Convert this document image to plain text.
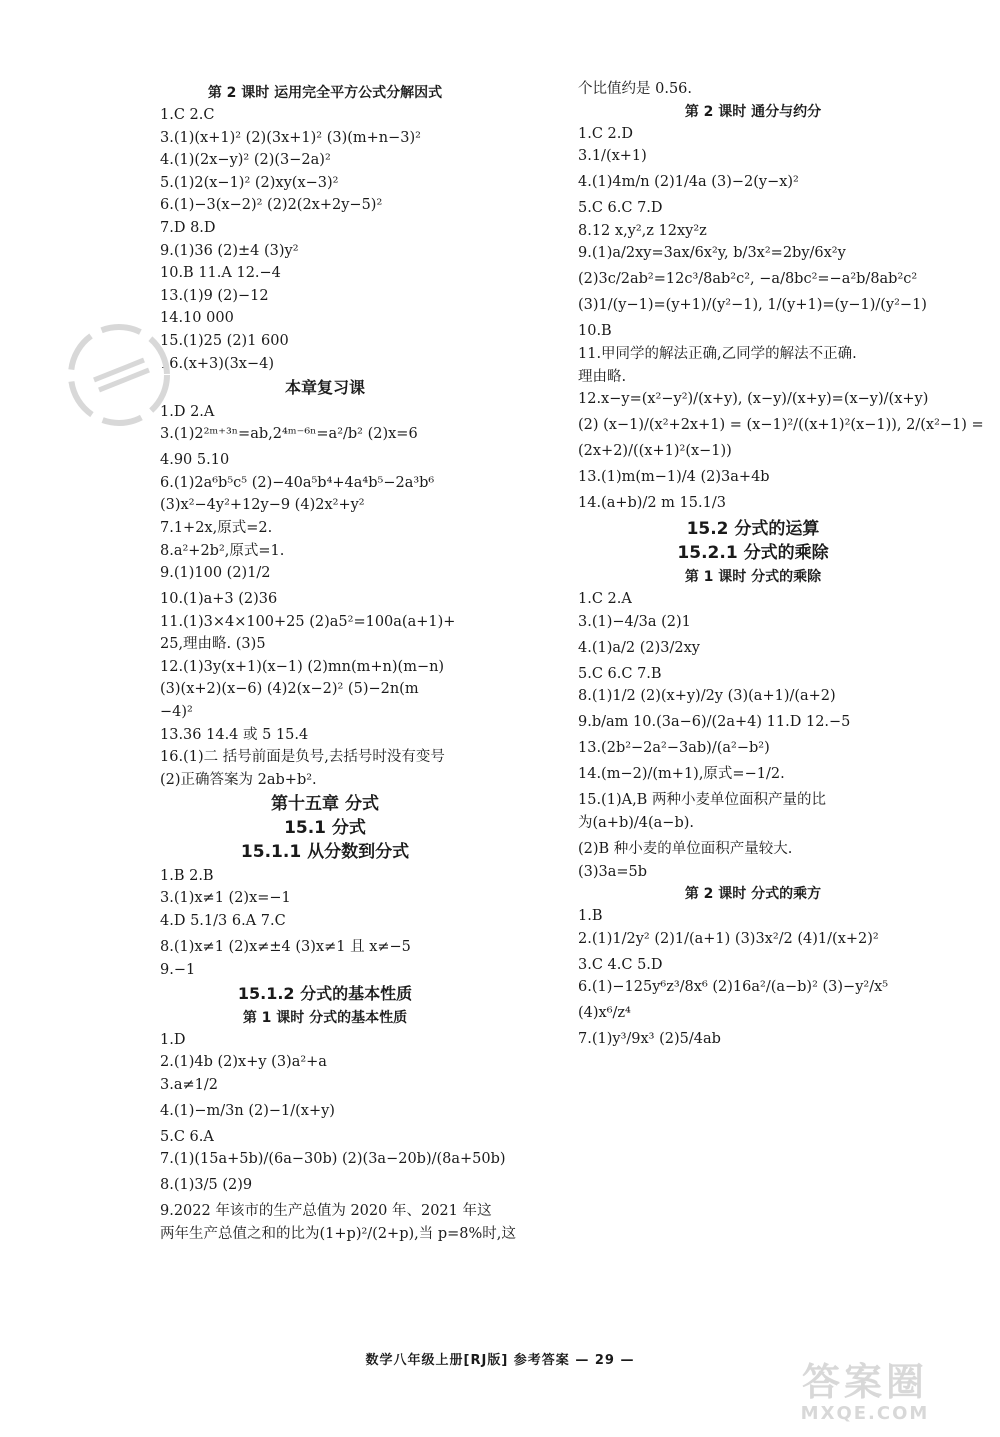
第 2 课时 运用完全平方公式分解因式
1.C 2.C
3.(1)(x+1)² (2)(3x+1)² (3)(m+n−3)²
4.(1)(2x−y)² (2)(3−2a)²
5.(1)2(x−1)² (2)xy(x−3)²
6.(1)−3(x−2)² (2)2(2x+2y−5)²
7.D 8.D
9.(1)36 (2)±4 (3)y²
10.B 11.A 12.−4
13.(1)9 (2)−12
14.10 000
15.(1)25 (2)1 600
16.(x+3)(3x−4)
本章复习课
1.D 2.A
3.(1)2²ᵐ⁺³ⁿ=ab,2⁴ᵐ⁻⁶ⁿ=a²/b² (2)x=6
4.90 5.10
6.(1)2a⁶b⁵c⁵ (2)−40a⁵b⁴+4a⁴b⁵−2a³b⁶
(3)x²−4y²+12y−9 (4)2x²+y²
7.1+2x,原式=2.
8.a²+2b²,原式=1.
9.(1)100 (2)1/2
10.(1)a+3 (2)36
11.(1)3×4×100+25 (2)a5²=100a(a+1)+
25,理由略. (3)5
12.(1)3y(x+1)(x−1) (2)mn(m+n)(m−n)
(3)(x+2)(x−6) (4)2(x−2)² (5)−2n(m
−4)²
13.36 14.4 或 5 15.4
16.(1)二 括号前面是负号,去括号时没有变号
(2)正确答案为 2ab+b².
第十五章 分式
15.1 分式
15.1.1 从分数到分式
1.B 2.B
3.(1)x≠1 (2)x=−1
4.D 5.1/3 6.A 7.C
8.(1)x≠1 (2)x≠±4 (3)x≠1 且 x≠−5
9.−1
15.1.2 分式的基本性质
第 1 课时 分式的基本性质
1.D
2.(1)4b (2)x+y (3)a²+a
3.a≠1/2
4.(1)−m/3n (2)−1/(x+y)
5.C 6.A
7.(1)(15a+5b)/(6a−30b) (2)(3a−20b)/(8a+50b)
8.(1)3/5 (2)9
9.2022 年该市的生产总值为 2020 年、2021 年这
两年生产总值之和的比为(1+p)²/(2+p),当 p=8%时,这
个比值约是 0.56.
第 2 课时 通分与约分
1.C 2.D
3.1/(x+1)
4.(1)4m/n (2)1/4a (3)−2(y−x)²
5.C 6.C 7.D
8.12 x,y²,z 12xy²z
9.(1)a/2xy=3ax/6x²y, b/3x²=2by/6x²y
(2)3c/2ab²=12c³/8ab²c², −a/8bc²=−a²b/8ab²c²
(3)1/(y−1)=(y+1)/(y²−1), 1/(y+1)=(y−1)/(y²−1)
10.B
11.甲同学的解法正确,乙同学的解法不正确.
理由略.
12.x−y=(x²−y²)/(x+y), (x−y)/(x+y)=(x−y)/(x+y)
(2) (x−1)/(x²+2x+1) = (x−1)²/((x+1)²(x−1)), 2/(x²−1) =
(2x+2)/((x+1)²(x−1))
13.(1)m(m−1)/4 (2)3a+4b
14.(a+b)/2 m 15.1/3
15.2 分式的运算
15.2.1 分式的乘除
第 1 课时 分式的乘除
1.C 2.A
3.(1)−4/3a (2)1
4.(1)a/2 (2)3/2xy
5.C 6.C 7.B
8.(1)1/2 (2)(x+y)/2y (3)(a+1)/(a+2)
9.b/am 10.(3a−6)/(2a+4) 11.D 12.−5
13.(2b²−2a²−3ab)/(a²−b²)
14.(m−2)/(m+1),原式=−1/2.
15.(1)A,B 两种小麦单位面积产量的比
为(a+b)/4(a−b).
(2)B 种小麦的单位面积产量较大.
(3)3a=5b
第 2 课时 分式的乘方
1.B
2.(1)1/2y² (2)1/(a+1) (3)3x²/2 (4)1/(x+2)²
3.C 4.C 5.D
6.(1)−125y⁶z³/8x⁶ (2)16a²/(a−b)² (3)−y²/x⁵
(4)x⁶/z⁴
7.(1)y³/9x³ (2)5/4ab
数学八年级上册[RJ版] 参考答案 — 29 —	答案圈
MXQE.COM
